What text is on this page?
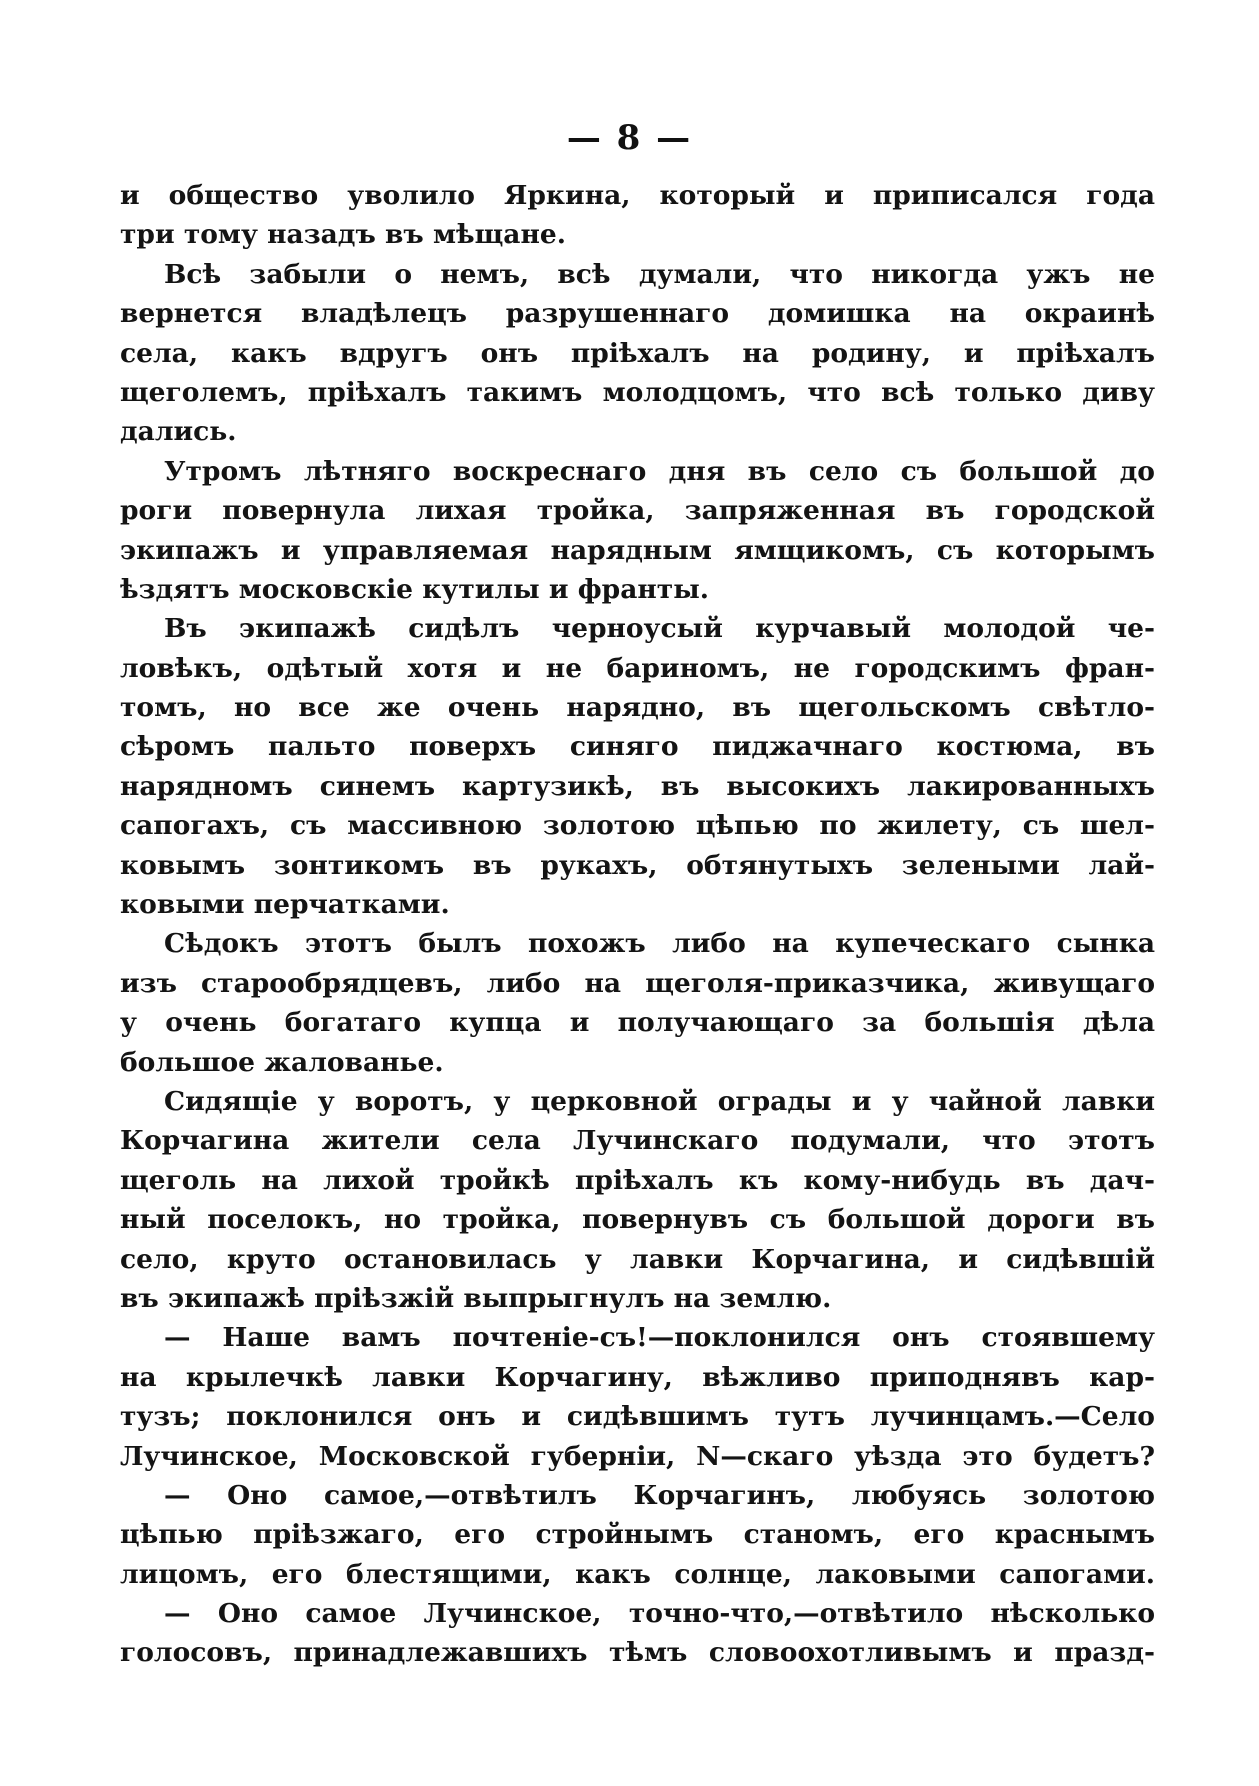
— 8 —
и общество уволило Яркина, который и приписался года
три тому назадъ въ мѣщане.
Всѣ забыли о немъ, всѣ думали, что никогда ужъ не
вернется владѣлецъ разрушеннаго домишка на окраинѣ
села, какъ вдругъ онъ пріѣхалъ на родину, и пріѣхалъ
щеголемъ, пріѣхалъ такимъ молодцомъ, что всѣ только диву
дались.
Утромъ лѣтняго воскреснаго дня въ село съ большой до
роги повернула лихая тройка, запряженная въ городской
экипажъ и управляемая нарядным ямщикомъ, съ которымъ
ѣздятъ московскіе кутилы и франты.
Въ экипажѣ сидѣлъ черноусый курчавый молодой че-
ловѣкъ, одѣтый хотя и не бариномъ, не городскимъ фран-
томъ, но все же очень нарядно, въ щегольскомъ свѣтло-
сѣромъ пальто поверхъ синяго пиджачнаго костюма, въ
нарядномъ синемъ картузикѣ, въ высокихъ лакированныхъ
сапогахъ, съ массивною золотою цѣпью по жилету, съ шел-
ковымъ зонтикомъ въ рукахъ, обтянутыхъ зелеными лай-
ковыми перчатками.
Сѣдокъ этотъ былъ похожъ либо на купеческаго сынка
изъ старообрядцевъ, либо на щеголя-приказчика, живущаго
у очень богатаго купца и получающаго за большія дѣла
большое жалованье.
Сидящіе у воротъ, у церковной ограды и у чайной лавки
Корчагина жители села Лучинскаго подумали, что этотъ
щеголь на лихой тройкѣ пріѣхалъ къ кому-нибудь въ дач-
ный поселокъ, но тройка, повернувъ съ большой дороги въ
село, круто остановилась у лавки Корчагина, и сидѣвшій
въ экипажѣ пріѣзжій выпрыгнулъ на землю.
— Наше вамъ почтеніе-съ!—поклонился онъ стоявшему
на крылечкѣ лавки Корчагину, вѣжливо приподнявъ кар-
тузъ; поклонился онъ и сидѣвшимъ тутъ лучинцамъ.—Село
Лучинское, Московской губерніи, N—скаго уѣзда это будетъ?
— Оно самое,—отвѣтилъ Корчагинъ, любуясь золотою
цѣпью пріѣзжаго, его стройнымъ станомъ, его краснымъ
лицомъ, его блестящими, какъ солнце, лаковыми сапогами.
— Оно самое Лучинское, точно-что,—отвѣтило нѣсколько
голосовъ, принадлежавшихъ тѣмъ словоохотливымъ и празд-
